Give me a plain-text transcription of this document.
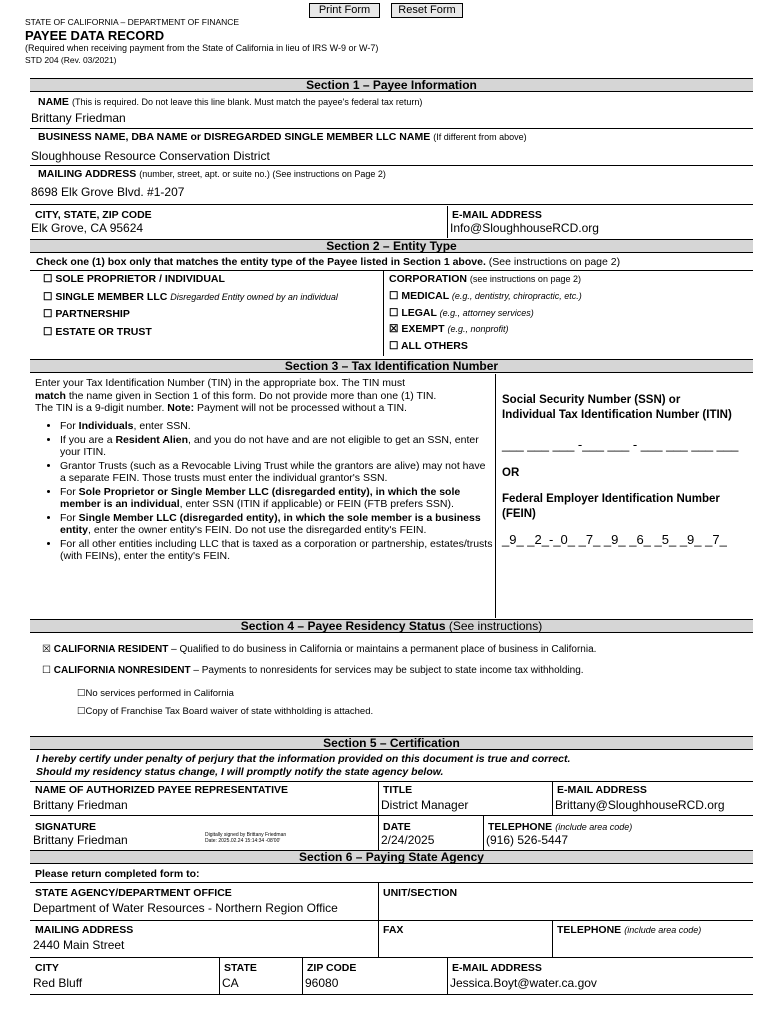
Print Form	Reset Form
STATE OF CALIFORNIA – DEPARTMENT OF FINANCE
PAYEE DATA RECORD
(Required when receiving payment from the State of California in lieu of IRS W-9 or W-7)
STD 204 (Rev. 03/2021)
Section 1 – Payee Information
NAME (This is required. Do not leave this line blank. Must match the payee's federal tax return)
Brittany Friedman
BUSINESS NAME, DBA NAME or DISREGARDED SINGLE MEMBER LLC NAME (If different from above)
Sloughhouse Resource Conservation District
MAILING ADDRESS (number, street, apt. or suite no.) (See instructions on Page 2)
8698 Elk Grove Blvd. #1-207
CITY, STATE, ZIP CODE
Elk Grove, CA 95624
E-MAIL ADDRESS
Info@SloughhouseRCD.org
Section 2 – Entity Type
Check one (1) box only that matches the entity type of the Payee listed in Section 1 above. (See instructions on page 2)
☐ SOLE PROPRIETOR / INDIVIDUAL
☐ SINGLE MEMBER LLC Disregarded Entity owned by an individual
☐ PARTNERSHIP
☐ ESTATE OR TRUST
CORPORATION (see instructions on page 2)
☐ MEDICAL (e.g., dentistry, chiropractic, etc.)
☐ LEGAL (e.g., attorney services)
☒ EXEMPT (e.g., nonprofit)
☐ ALL OTHERS
Section 3 – Tax Identification Number
Enter your Tax Identification Number (TIN) in the appropriate box. The TIN must
match the name given in Section 1 of this form. Do not provide more than one (1) TIN.
The TIN is a 9-digit number. Note: Payment will not be processed without a TIN.
• For Individuals, enter SSN.
• If you are a Resident Alien, and you do not have and are not eligible to get an SSN, enter your ITIN.
• Grantor Trusts (such as a Revocable Living Trust while the grantors are alive) may not have a separate FEIN. Those trusts must enter the individual grantor's SSN.
• For Sole Proprietor or Single Member LLC (disregarded entity), in which the sole member is an individual, enter SSN (ITIN if applicable) or FEIN (FTB prefers SSN).
• For Single Member LLC (disregarded entity), in which the sole member is a business entity, enter the owner entity's FEIN. Do not use the disregarded entity's FEIN.
• For all other entities including LLC that is taxed as a corporation or partnership, estates/trusts (with FEINs), enter the entity's FEIN.
Social Security Number (SSN) or
Individual Tax Identification Number (ITIN)
___ ___ ___ -___ ___ - ___ ___ ___ ___
OR
Federal Employer Identification Number
(FEIN)
_9_ _2_-_0_ _7_ _9_ _6_ _5_ _9_ _7_
Section 4 – Payee Residency Status (See instructions)
☒ CALIFORNIA RESIDENT – Qualified to do business in California or maintains a permanent place of business in California.
☐ CALIFORNIA NONRESIDENT – Payments to nonresidents for services may be subject to state income tax withholding.
☐No services performed in California
☐Copy of Franchise Tax Board waiver of state withholding is attached.
Section 5 – Certification
I hereby certify under penalty of perjury that the information provided on this document is true and correct.
Should my residency status change, I will promptly notify the state agency below.
NAME OF AUTHORIZED PAYEE REPRESENTATIVE
Brittany Friedman
TITLE
District Manager
E-MAIL ADDRESS
Brittany@SloughhouseRCD.org
SIGNATURE
Brittany Friedman	Digitally signed by Brittany Friedman
Date: 2025.02.24 15:14:34 -08'00'
DATE
2/24/2025
TELEPHONE (include area code)
(916) 526-5447
Section 6 – Paying State Agency
Please return completed form to:
STATE AGENCY/DEPARTMENT OFFICE
Department of Water Resources - Northern Region Office
UNIT/SECTION
MAILING ADDRESS
2440 Main Street
FAX	TELEPHONE (include area code)
CITY
Red Bluff
STATE
CA
ZIP CODE
96080
E-MAIL ADDRESS
Jessica.Boyt@water.ca.gov
